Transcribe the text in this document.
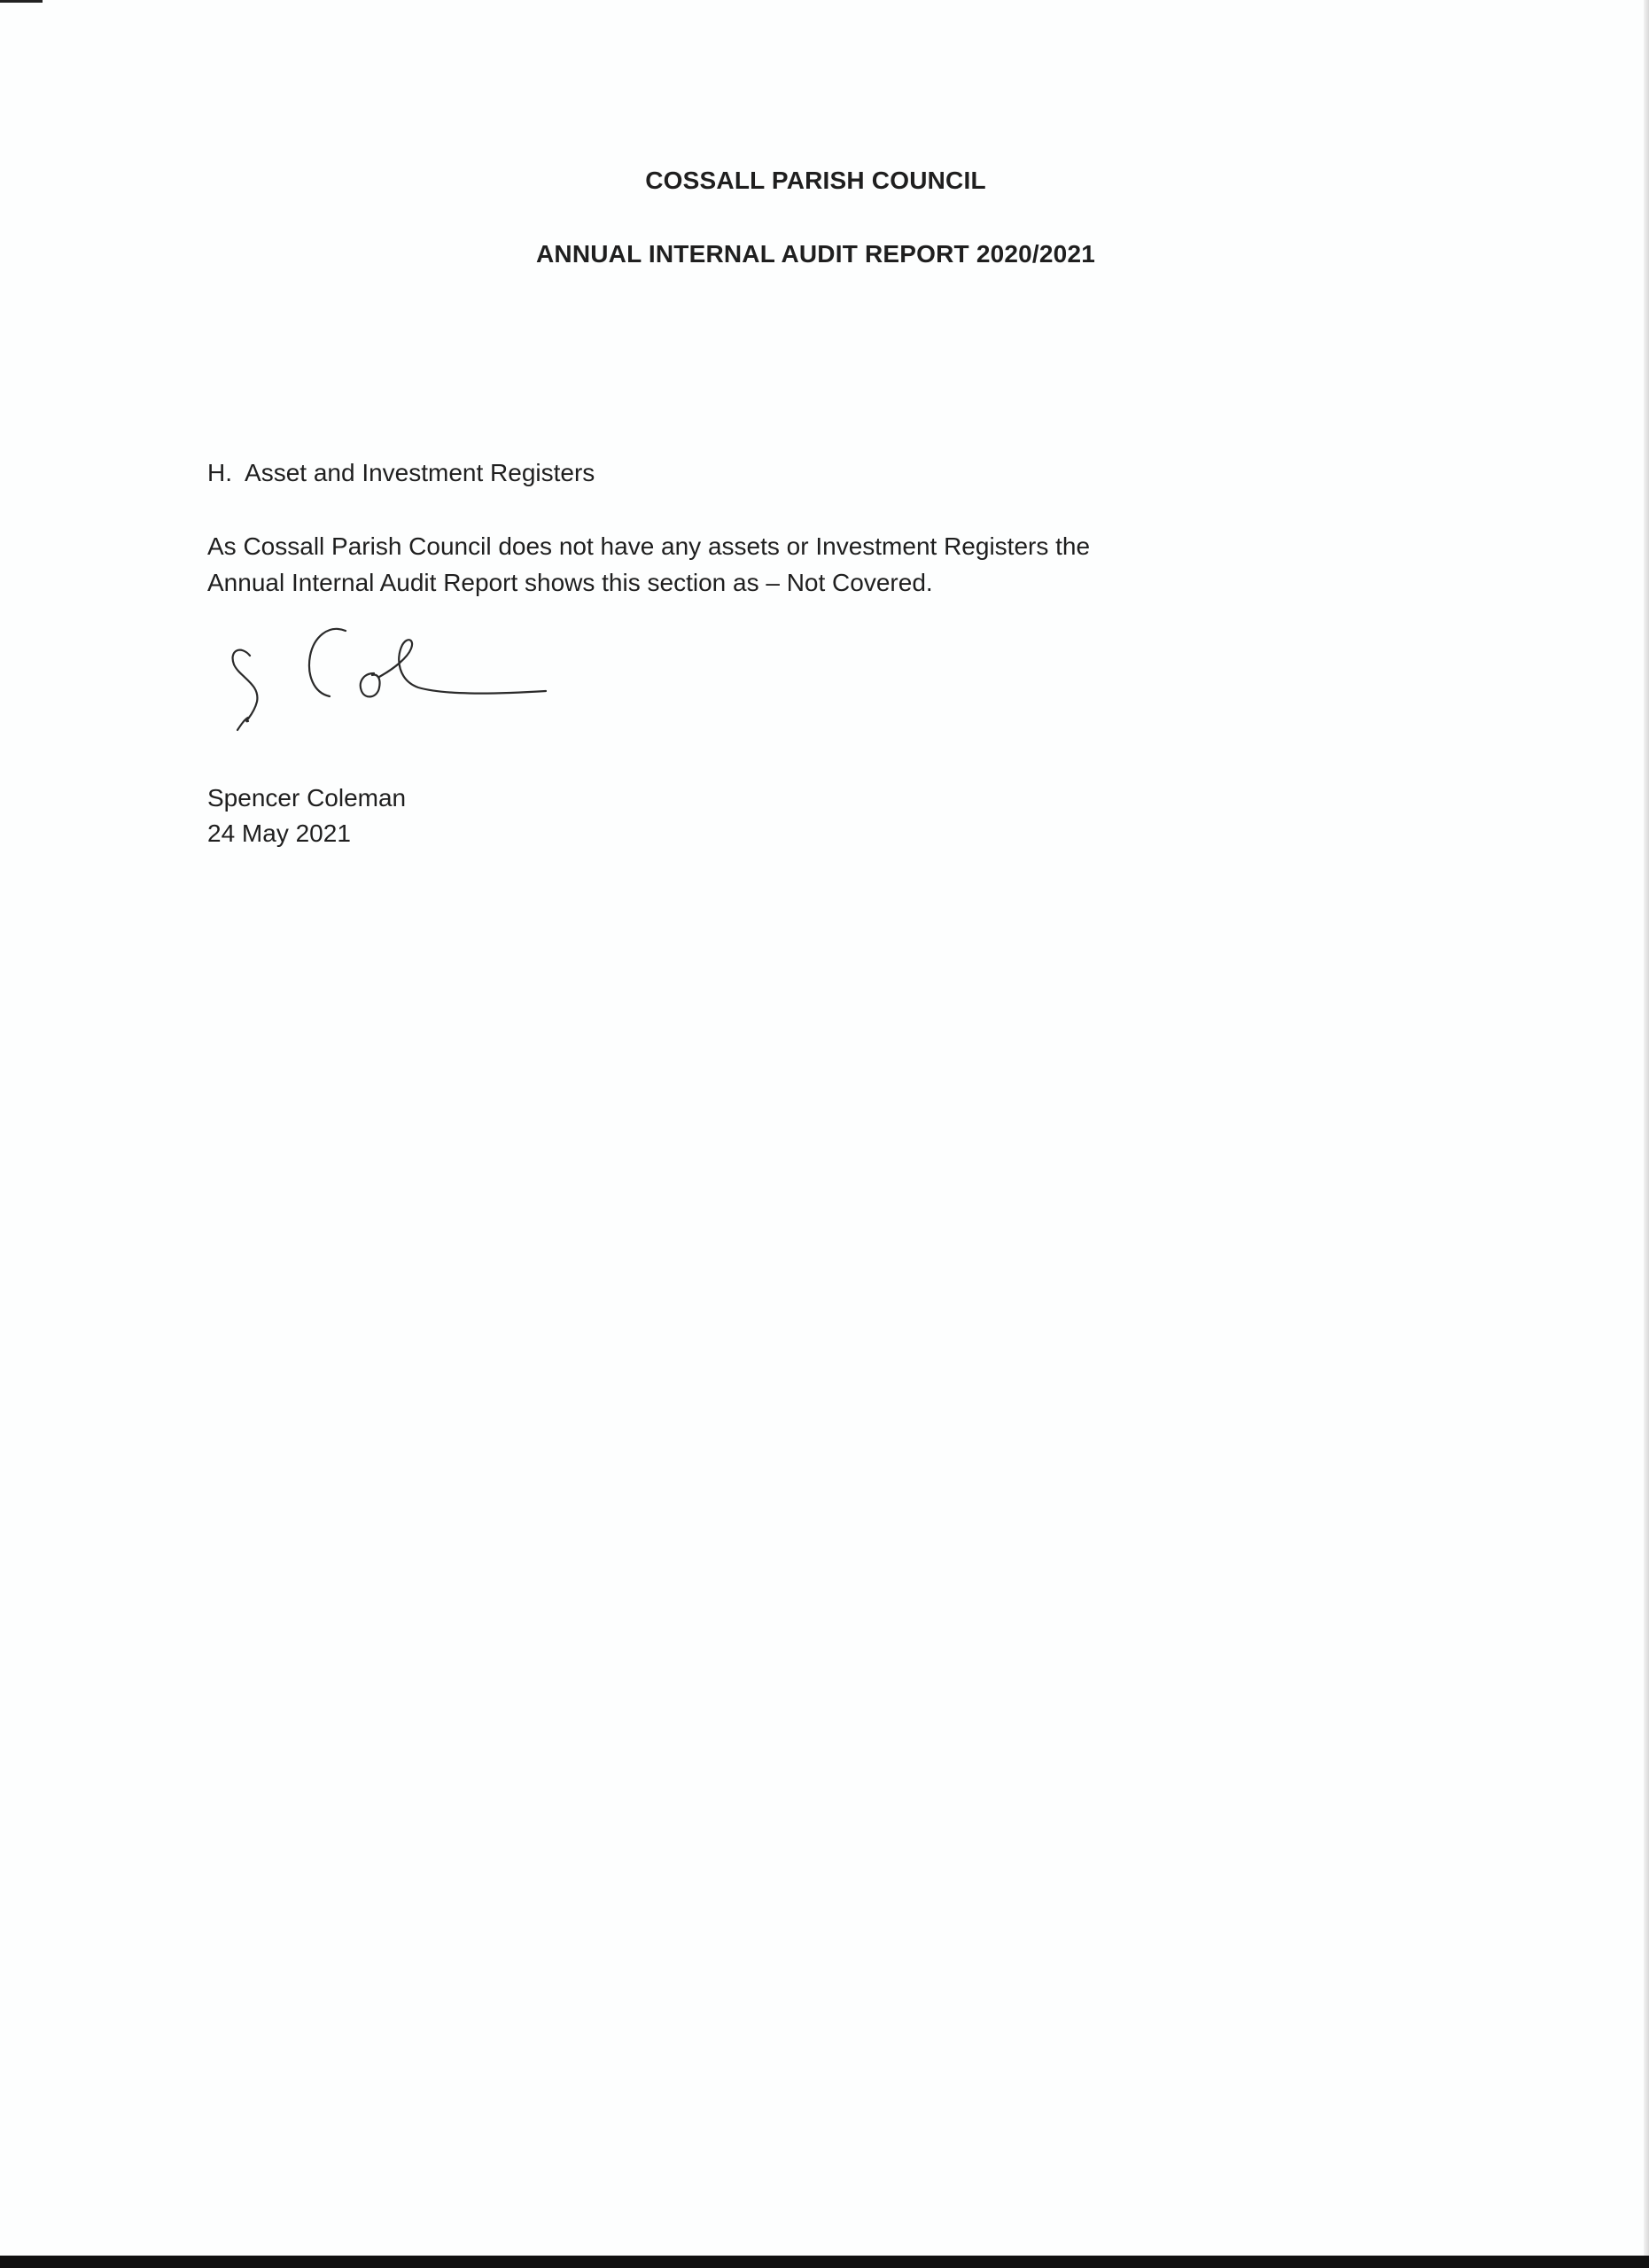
COSSALL PARISH COUNCIL
ANNUAL INTERNAL AUDIT REPORT 2020/2021
H.  Asset and Investment Registers
As Cossall Parish Council does not have any assets or Investment Registers the
Annual Internal Audit Report shows this section as – Not Covered.
Spencer Coleman
24 May 2021
